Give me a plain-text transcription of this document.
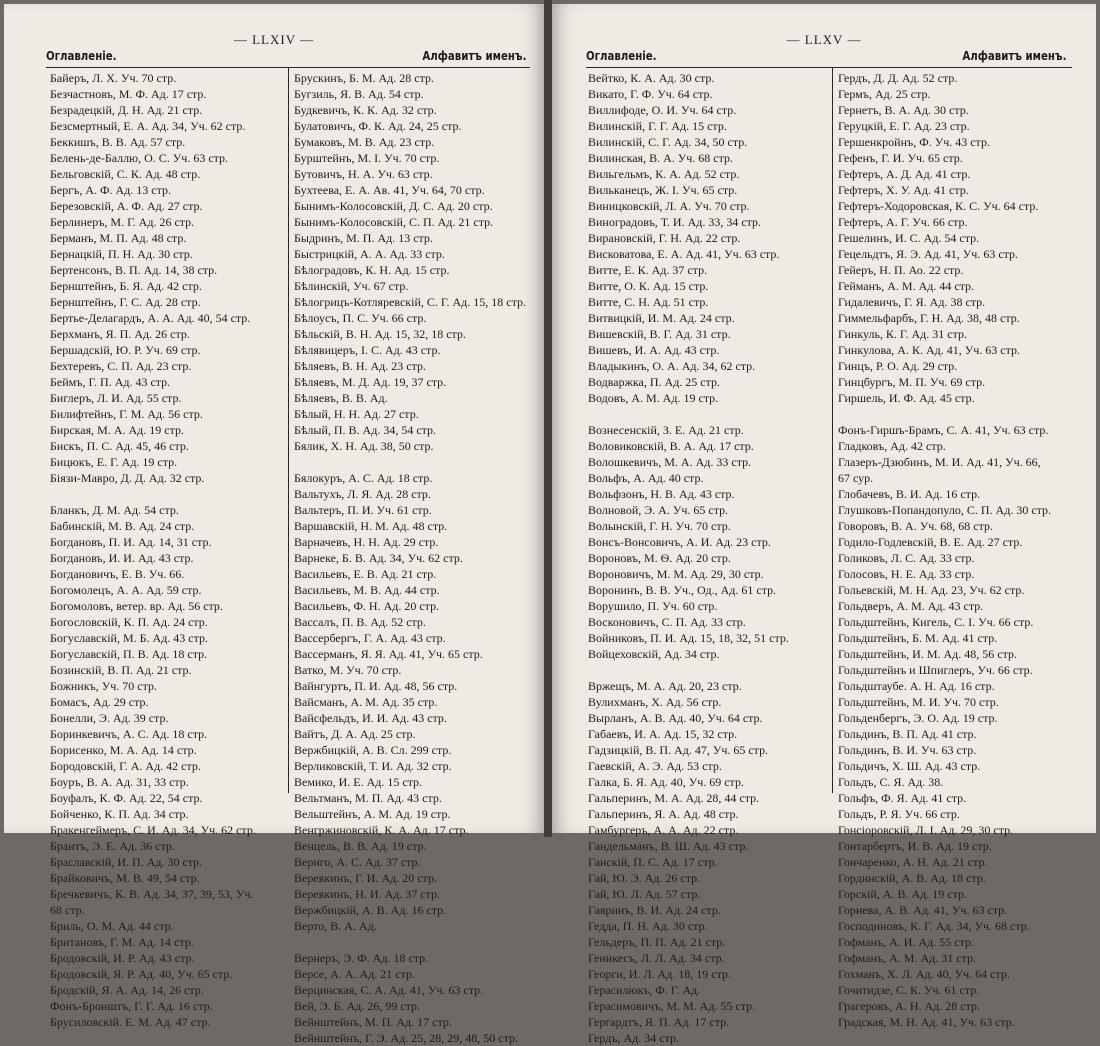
— LLXIV —
Оглавленіе.	Алфавитъ именъ.
Байеръ, Л. Х. Уч. 70 стр.
Безчастновъ, М. Ф. Ад. 17 стр.
Безрадецкій, Д. Н. Ад. 21 стр.
Безсмертный, Е. А. Ад. 34, Уч. 62 стр.
Беккишъ, В. В. Ад. 57 стр.
Белень-де-Баллю, О. С. Уч. 63 стр.
Бельговскій, С. К. Ад. 48 стр.
Бергъ, А. Ф. Ад. 13 стр.
Березовскій, А. Ф. Ад. 27 стр.
Берлинеръ, М. Г. Ад. 26 стр.
Берманъ, М. П. Ад. 48 стр.
Бернацкій, П. Н. Ад. 30 стр.
Бертенсонъ, В. П. Ад. 14, 38 стр.
Бернштейнъ, Б. Я. Ад. 42 стр.
Бернштейнъ, Г. С. Ад. 28 стр.
Бертье-Делагардъ, А. А. Ад. 40, 54 стр.
Берхманъ, Я. П. Ад. 26 стр.
Бершадскій, Ю. Р. Уч. 69 стр.
Бехтеревъ, С. П. Ад. 23 стр.
Беймъ, Г. П. Ад. 43 стр.
Биглеръ, Л. И. Ад. 55 стр.
Билифтейнъ, Г. М. Ад. 56 стр.
Бирская, М. А. Ад. 19 стр.
Бискъ, П. С. Ад. 45, 46 стр.
Бицюкъ, Е. Г. Ад. 19 стр.
Біязи-Мавро, Д. Д. Ад. 32 стр.
Бланкъ, Д. М. Ад. 54 стр.
Бабинскій, М. В. Ад. 24 стр.
Богдановъ, П. И. Ад. 14, 31 стр.
Богдановъ, И. И. Ад. 43 стр.
Богдановичъ, Е. В. Уч. 66.
Богомолецъ, А. А. Ад. 59 стр.
Богомоловъ, ветер. вр. Ад. 56 стр.
Богословскій, К. П. Ад. 24 стр.
Богуславскій, М. Б. Ад. 43 стр.
Богуславскій, П. В. Ад. 18 стр.
Бозинскій, В. П. Ад. 21 стр.
Божникъ, Уч. 70 стр.
Бомасъ, Ад. 29 стр.
Бонелли, Э. Ад. 39 стр.
Боринкевичъ, А. С. Ад. 18 стр.
Борисенко, М. А. Ад. 14 стр.
Бородовскій, Г. А. Ад. 42 стр.
Боуръ, В. А. Ад. 31, 33 стр.
Боуфалъ, К. Ф. Ад. 22, 54 стр.
Бойченко, К. П. Ад. 34 стр.
Бракенгеймеръ, С. И. Ад. 34, Уч. 62 стр.
Брантъ, Э. Е. Ад. 36 стр.
Браславскій, И. П. Ад. 30 стр.
Брайковичъ, М. В. 49, 54 стр.
Бречкевичъ, К. В. Ад. 34, 37, 39, 53, Уч.
68 стр.
Бриль, О. М. Ад. 44 стр.
Британовъ, Г. М. Ад. 14 стр.
Бродовскій, И. Р. Ад. 43 стр.
Бродовскій, Я. Р. Ад. 40, Уч. 65 стр.
Бродскій, Я. А. Ад. 14, 26 стр.
Фонъ-Бронштъ, Г. Г. Ад. 16 стр.
Брусиловскій. Е. М. Ад. 47 стр.
Брускинъ, Б. М. Ад. 28 стр.
Бугзиль, Я. В. Ад. 54 стр.
Будкевичъ, К. К. Ад. 32 стр.
Булатовичъ, Ф. К. Ад. 24, 25 стр.
Бумаковъ, М. В. Ад. 23 стр.
Бурштейнъ, М. І. Уч. 70 стр.
Бутовичъ, Н. А. Уч. 63 стр.
Бухтеева, Е. А. Ав. 41, Уч. 64, 70 стр.
Бынимъ-Колосовскій, Д. С. Ад. 20 стр.
Бынимъ-Колосовскій, С. П. Ад. 21 стр.
Быдринъ, М. П. Ад. 13 стр.
Быстрицкій, А. А. Ад. 33 стр.
Бѣлоградовъ, К. Н. Ад. 15 стр.
Бѣлинскій, Уч. 67 стр.
Бѣлогрицъ-Котляревскій, С. Г. Ад. 15, 18 стр.
Бѣлоусъ, П. С. Уч. 66 стр.
Бѣльскій, В. Н. Ад. 15, 32, 18 стр.
Бѣлявицеръ, І. С. Ад. 43 стр.
Бѣляевъ, В. Н. Ад. 23 стр.
Бѣляевъ, М. Д. Ад. 19, 37 стр.
Бѣляевъ, В. В. Ад.
Бѣлый, Н. Н. Ад. 27 стр.
Бѣлый, П. В. Ад. 34, 54 стр.
Бялик, Х. Н. Ад. 38, 50 стр.
Бялокуръ, А. С. Ад. 18 стр.
Вальтухъ, Л. Я. Ад. 28 стр.
Вальтеръ, П. И. Уч. 61 стр.
Варшавскій, Н. М. Ад. 48 стр.
Варначевъ, Н. Н. Ад. 29 стр.
Варнеке, Б. В. Ад. 34, Уч. 62 стр.
Васильевъ, Е. В. Ад. 21 стр.
Васильевъ, М. В. Ад. 44 стр.
Васильевъ, Ф. Н. Ад. 20 стр.
Вассалъ, П. В. Ад. 52 стр.
Вассербергъ, Г. А. Ад. 43 стр.
Вассерманъ, Я. Я. Ад. 41, Уч. 65 стр.
Ватко, М. Уч. 70 стр.
Вайнгуртъ, П. И. Ад. 48, 56 стр.
Вайсманъ, А. М. Ад. 35 стр.
Вайсфельдъ, И. И. Ад. 43 стр.
Вайтъ, Д. А. Ад. 25 стр.
Вержбицкій, А. В. Сл. 299 стр.
Верликовскій, Т. И. Ад. 32 стр.
Вемико, И. Е. Ад. 15 стр.
Вельтманъ, М. П. Ад. 43 стр.
Вельштейнъ, А. М. Ад. 19 стр.
Венгржиновскій, К. А. Ад. 17 стр.
Венцель, В. В. Ад. 19 стр.
Вериго, А. С. Ад. 37 стр.
Веревкинъ, Г. И. Ад. 20 стр.
Веревкинъ, Н. И. Ад. 37 стр.
Вержбицкій, А. В. Ад. 16 стр.
Верто, В. А. Ад.
Вернеръ, Э. Ф. Ад. 18 стр.
Версе, А. А. Ад. 21 стр.
Верцинская, С. А. Ад. 41, Уч. 63 стр.
Вей, Э. Б. Ад. 26, 99 стр.
Вейнштейнъ, М. П. Ад. 17 стр.
Вейнштейнъ, Г. Э. Ад. 25, 28, 29, 48, 50 стр.
— LLXV —
Оглавленіе.	Алфавитъ именъ.
Вейтко, К. А. Ад. 30 стр.
Викато, Г. Ф. Уч. 64 стр.
Виллифоде, О. И. Уч. 64 стр.
Вилинскій, Г. Г. Ад. 15 стр.
Вилинскій, С. Г. Ад. 34, 50 стр.
Вилинская, В. А. Уч. 68 стр.
Вильгельмъ, К. А. Ад. 52 стр.
Вильканецъ, Ж. І. Уч. 65 стр.
Виницковскій, Л. А. Уч. 70 стр.
Виноградовъ, Т. И. Ад. 33, 34 стр.
Вирановскій, Г. Н. Ад. 22 стр.
Висковатова, Е. А. Ад. 41, Уч. 63 стр.
Витте, Е. К. Ад. 37 стр.
Витте, О. К. Ад. 15 стр.
Витте, С. Н. Ад. 51 стр.
Витвицкій, И. М. Ад. 24 стр.
Вишевскій, В. Г. Ад. 31 стр.
Вишевъ, И. А. Ад. 43 стр.
Владыкинъ, О. А. Ад. 34, 62 стр.
Водваржка, П. Ад. 25 стр.
Водовъ, А. М. Ад. 19 стр.
Вознесенскій, З. Е. Ад. 21 стр.
Воловиковскій, В. А. Ад. 17 стр.
Волошкевичъ, М. А. Ад. 33 стр.
Вольфъ, А. Ад. 40 стр.
Вольфзонъ, Н. В. Ад. 43 стр.
Волновой, Э. А. Уч. 65 стр.
Волынскій, Г. Н. Уч. 70 стр.
Вонсъ-Вонсовичъ, А. И. Ад. 23 стр.
Вороновъ, М. Ѳ. Ад. 20 стр.
Вороновичъ, М. М. Ад. 29, 30 стр.
Воронинъ, В. В. Уч., Од., Ад. 61 стр.
Ворушило, П. Уч. 60 стр.
Восконовичъ, С. П. Ад. 33 стр.
Войниковъ, П. И. Ад. 15, 18, 32, 51 стр.
Войцеховскій, Ад. 34 стр.
Вржещъ, М. А. Ад. 20, 23 стр.
Вулихманъ, Х. Ад. 56 стр.
Вырланъ, А. В. Ад. 40, Уч. 64 стр.
Габаевъ, И. А. Ад. 15, 32 стр.
Гадзицкій, В. П. Ад. 47, Уч. 65 стр.
Гаевскій, А. Э. Ад. 53 стр.
Галка, Б. Я. Ад. 40, Уч. 69 стр.
Гальперинъ, М. А. Ад. 28, 44 стр.
Гальперинъ, Я. А. Ад. 48 стр.
Гамбургеръ, А. А. Ад. 22 стр.
Гандельманъ, В. Ш. Ад. 43 стр.
Ганскій, П. С. Ад. 17 стр.
Гай, Ю. Э. Ад. 26 стр.
Гай, Ю. Л. Ад. 57 стр.
Гаяринъ, В. И. Ад. 24 стр.
Гедда, П. Н. Ад. 30 стр.
Гельдеръ, П. П. Ад. 21 стр.
Геникесъ, Л. Л. Ад. 34 стр.
Георги, И. Л. Ад. 18, 19 стр.
Герасилюкъ, Ф. Г. Ад.
Герасимовичъ, М. М. Ад. 55 стр.
Гергардтъ, Я. П. Ад. 17 стр.
Гердъ, Ад. 34 стр.
Гердъ, Д. Д. Ад. 52 стр.
Гермъ, Ад. 25 стр.
Гернетъ, В. А. Ад. 30 стр.
Геруцкій, Е. Г. Ад. 23 стр.
Гершенкройнъ, Ф. Уч. 43 стр.
Гефенъ, Г. И. Уч. 65 стр.
Гефтеръ, А. Д. Ад. 41 стр.
Гефтеръ, Х. У. Ад. 41 стр.
Гефтеръ-Ходоровская, К. С. Уч. 64 стр.
Гефтеръ, А. Г. Уч. 66 стр.
Гешелинъ, И. С. Ад. 54 стр.
Гецельдтъ, Я. Э. Ад. 41, Уч. 63 стр.
Гейеръ, Н. П. Ао. 22 стр.
Гейманъ, А. М. Ад. 44 стр.
Гидалевичъ, Г. Я. Ад. 38 стр.
Гиммельфарбъ, Г. Н. Ад. 38, 48 стр.
Гинкуль, К. Г. Ад. 31 стр.
Гинкулова, А. К. Ад. 41, Уч. 63 стр.
Гинцъ, Р. О. Ад. 29 стр.
Гинцбургъ, М. П. Уч. 69 стр.
Гиршель, И. Ф. Ад. 45 стр.
Фонъ-Гиршъ-Брамъ, С. А. 41, Уч. 63 стр.
Гладковъ, Ад. 42 стр.
Глазеръ-Дзюбинъ, М. И. Ад. 41, Уч. 66,
67 сур.
Глобачевъ, В. И. Ад. 16 стр.
Глушковъ-Попандопуло, С. П. Ад. 30 стр.
Говоровъ, В. А. Уч. 68, 68 стр.
Годило-Годлевскій, В. Е. Ад. 27 стр.
Голиковъ, Л. С. Ад. 33 стр.
Голосовъ, Н. Е. Ад. 33 стр.
Гольевскій, М. Н. Ад. 23, Уч. 62 стр.
Гольдверъ, А. М. Ад. 43 стр.
Гольдштейнъ, Кигель, С. І. Уч. 66 стр.
Гольдштейнъ, Б. М. Ад. 41 стр.
Гольдштейнъ, И. М. Ад. 48, 56 стр.
Гольдштейнъ и Шпиглеръ, Уч. 66 стр.
Гольдштаубе. А. Н. Ад. 16 стр.
Гольдштейнъ, М. И. Уч. 70 стр.
Гольденбергъ, Э. О. Ад. 19 стр.
Гольдинъ, В. П. Ад. 41 стр.
Гольдинъ, В. И. Уч. 63 стр.
Гольдичъ, Х. Ш. Ад. 43 стр.
Гольдъ, С. Я. Ад. 38.
Гольфъ, Ф. Я. Ад. 41 стр.
Гольдъ, Р. Я. Уч. 66 стр.
Гонсіоровскій, Л. І. Ад. 29, 30 стр.
Гонтарбертъ, И. В. Ад. 19 стр.
Гончаренко, А. Н. Ад. 21 стр.
Гординскій, А. В. Ад. 18 стр.
Горскій, А. В. Ад. 19 стр.
Горнева, А. В. Ад. 41, Уч. 63 стр.
Господиновъ, К. Г. Ад. 34, Уч. 68 стр.
Гофманъ, А. И. Ад. 55 стр.
Гофманъ, А. М. Ад. 31 стр.
Гохманъ, Х. Л. Ад. 40, Уч. 64 стр.
Гочитидзе, С. К. Уч. 61 стр.
Грагеровъ, А. Н. Ад. 28 стр.
Градская, М. Н. Ад. 41, Уч. 63 стр.
